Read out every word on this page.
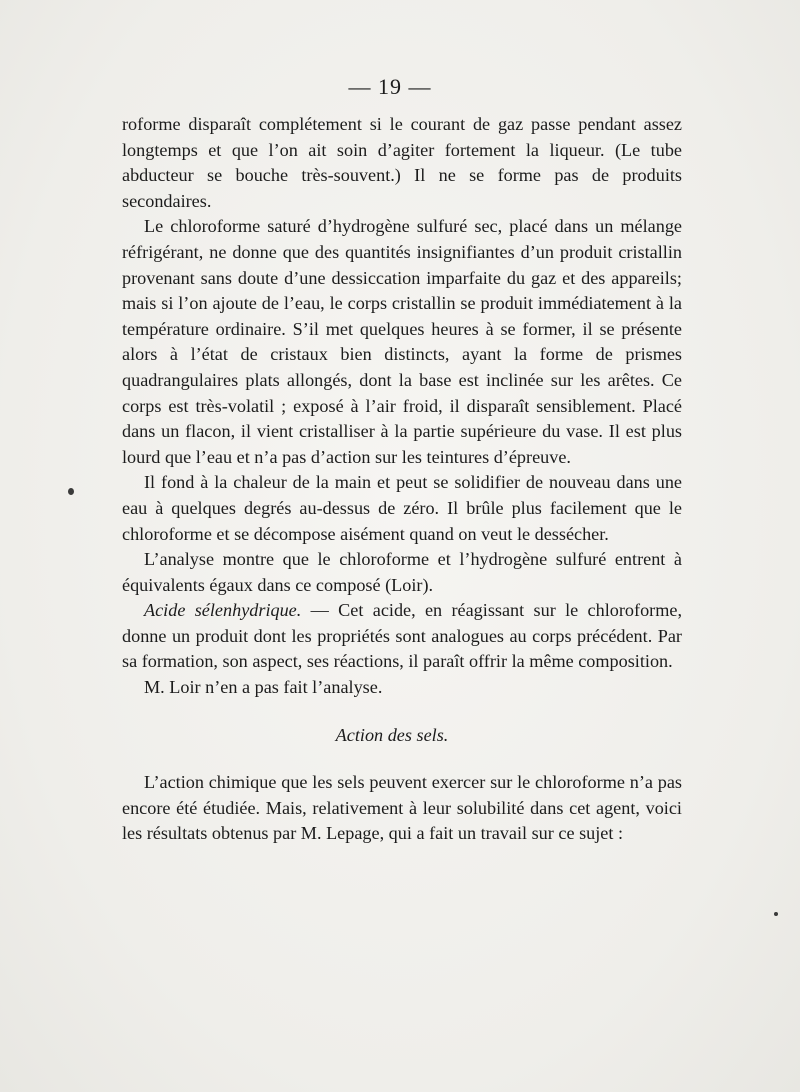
— 19 —

roforme disparaît complétement si le courant de gaz passe pendant assez longtemps et que l’on ait soin d’agiter fortement la liqueur. (Le tube abducteur se bouche très-souvent.) Il ne se forme pas de produits secondaires.

Le chloroforme saturé d’hydrogène sulfuré sec, placé dans un mélange réfrigérant, ne donne que des quantités insignifiantes d’un produit cristallin provenant sans doute d’une dessiccation imparfaite du gaz et des appareils; mais si l’on ajoute de l’eau, le corps cristallin se produit immédiatement à la température ordinaire. S’il met quelques heures à se former, il se présente alors à l’état de cristaux bien distincts, ayant la forme de prismes quadrangulaires plats allongés, dont la base est inclinée sur les arêtes. Ce corps est très-volatil ; exposé à l’air froid, il disparaît sensiblement. Placé dans un flacon, il vient cristalliser à la partie supérieure du vase. Il est plus lourd que l’eau et n’a pas d’action sur les teintures d’épreuve.

Il fond à la chaleur de la main et peut se solidifier de nouveau dans une eau à quelques degrés au-dessus de zéro. Il brûle plus facilement que le chloroforme et se décompose aisément quand on veut le dessécher.

L’analyse montre que le chloroforme et l’hydrogène sulfuré entrent à équivalents égaux dans ce composé (Loir).

Acide sélenhydrique. — Cet acide, en réagissant sur le chloroforme, donne un produit dont les propriétés sont analogues au corps précédent. Par sa formation, son aspect, ses réactions, il paraît offrir la même composition.

M. Loir n’en a pas fait l’analyse.

Action des sels.

L’action chimique que les sels peuvent exercer sur le chloroforme n’a pas encore été étudiée. Mais, relativement à leur solubilité dans cet agent, voici les résultats obtenus par M. Lepage, qui a fait un travail sur ce sujet :
